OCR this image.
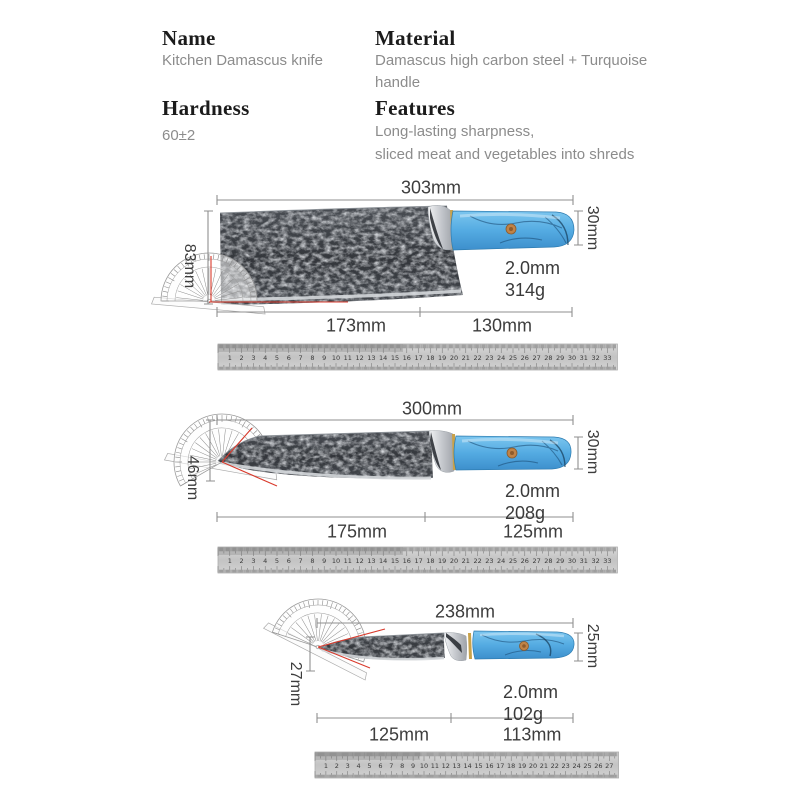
Name
Kitchen Damascus knife
Material
Damascus high carbon steel + Turquoise handle
Hardness
60±2
Features
Long-lasting sharpness,
sliced meat and vegetables into shreds
1 2 3 4 5 6 7 8 9 10 11 12 13 14 15 16 17 18 19 20 21 22 23 24 25 26 27 28 29 30 31 32 33
1 2 3 4 5 6 7 8 9 10 11 12 13 14 15 16 17 18 19 20 21 22 23 24 25 26 27 28 29 30 31 32 33
1 2 3 4 5 6 7 8 9 10 11 12 13 14 15 16 17 18 19 20 21 22 23 24 25 26 27
303mm
83mm
30mm
2.0mm
314g
173mm	130mm
300mm
46mm
30mm
2.0mm
208g
175mm	125mm
238mm
27mm
25mm
2.0mm
102g
125mm	113mm
